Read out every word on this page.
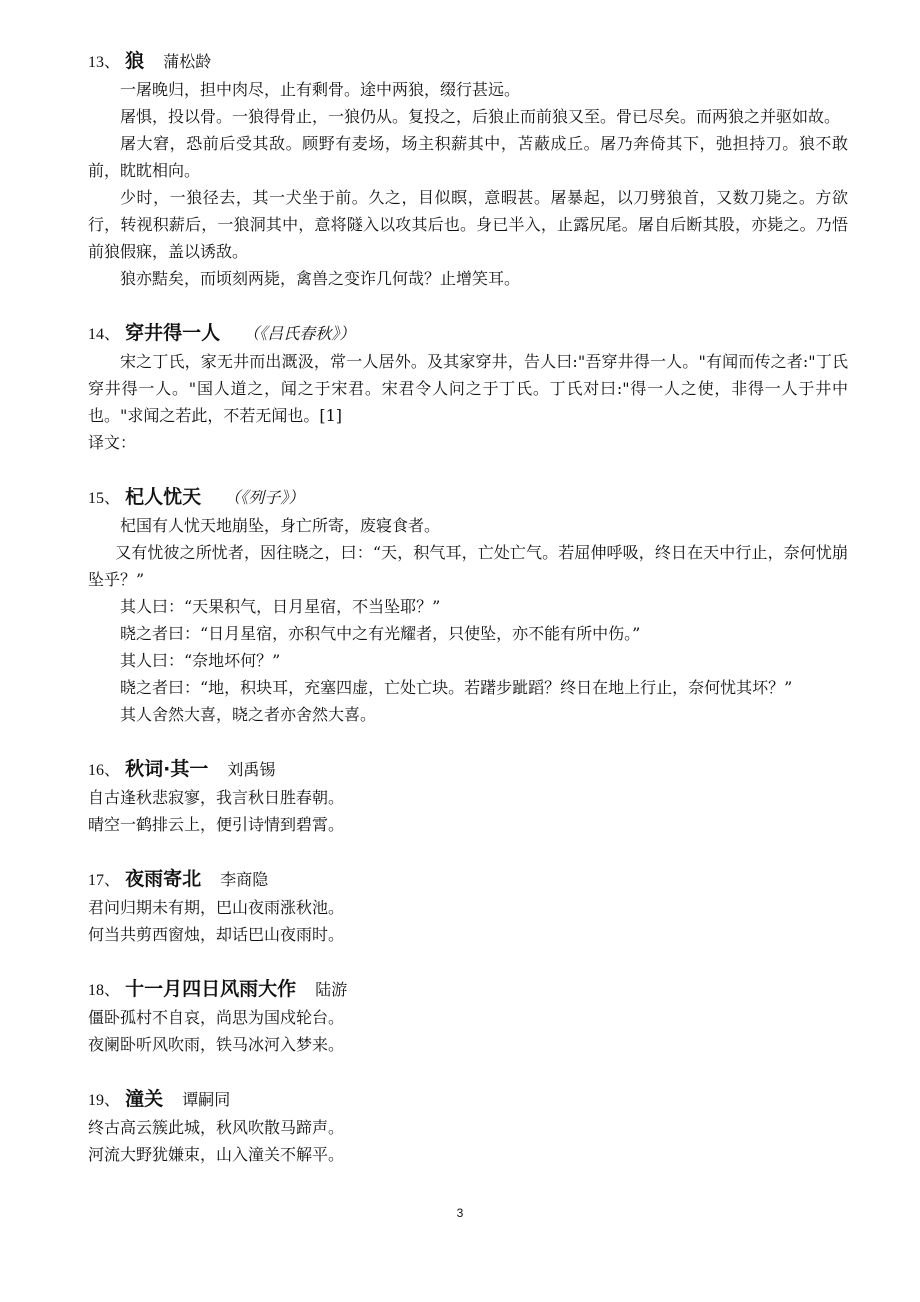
13、 狼 蒲松龄

一屠晚归，担中肉尽，止有剩骨。途中两狼，缀行甚远。

屠惧，投以骨。一狼得骨止，一狼仍从。复投之，后狼止而前狼又至。骨已尽矣。而两狼之并驱如故。

屠大窘，恐前后受其敌。顾野有麦场，场主积薪其中，苫蔽成丘。屠乃奔倚其下，弛担持刀。狼不敢前，眈眈相向。

少时，一狼径去，其一犬坐于前。久之，目似瞑，意暇甚。屠暴起，以刀劈狼首，又数刀毙之。方欲行，转视积薪后，一狼洞其中，意将隧入以攻其后也。身已半入，止露尻尾。屠自后断其股，亦毙之。乃悟前狼假寐，盖以诱敌。

狼亦黠矣，而顷刻两毙，禽兽之变诈几何哉？止增笑耳。

14、 穿井得一人 （《吕氏春秋》）

宋之丁氏，家无井而出溉汲，常一人居外。及其家穿井，告人曰:"吾穿井得一人。"有闻而传之者:"丁氏穿井得一人。"国人道之，闻之于宋君。宋君令人问之于丁氏。丁氏对曰:"得一人之使，非得一人于井中也。"求闻之若此，不若无闻也。[1]

译文：

15、 杞人忧天 （《列子》）

杞国有人忧天地崩坠，身亡所寄，废寝食者。

又有忧彼之所忧者，因往晓之，曰：“天，积气耳，亡处亡气。若屈伸呼吸，终日在天中行止，奈何忧崩坠乎？”

其人曰：“天果积气，日月星宿，不当坠耶？”

晓之者曰：“日月星宿，亦积气中之有光耀者，只使坠，亦不能有所中伤。”

其人曰：“奈地坏何？”

晓之者曰：“地，积块耳，充塞四虚，亡处亡块。若躇步跐蹈？终日在地上行止，奈何忧其坏？”

其人舍然大喜，晓之者亦舍然大喜。

16、 秋词·其一 刘禹锡

自古逢秋悲寂寥，我言秋日胜春朝。

晴空一鹤排云上，便引诗情到碧霄。

17、 夜雨寄北 李商隐

君问归期未有期，巴山夜雨涨秋池。

何当共剪西窗烛，却话巴山夜雨时。

18、 十一月四日风雨大作 陆游

僵卧孤村不自哀，尚思为国戍轮台。

夜阑卧听风吹雨，铁马冰河入梦来。

19、 潼关 谭嗣同

终古高云簇此城，秋风吹散马蹄声。

河流大野犹嫌束，山入潼关不解平。

3
